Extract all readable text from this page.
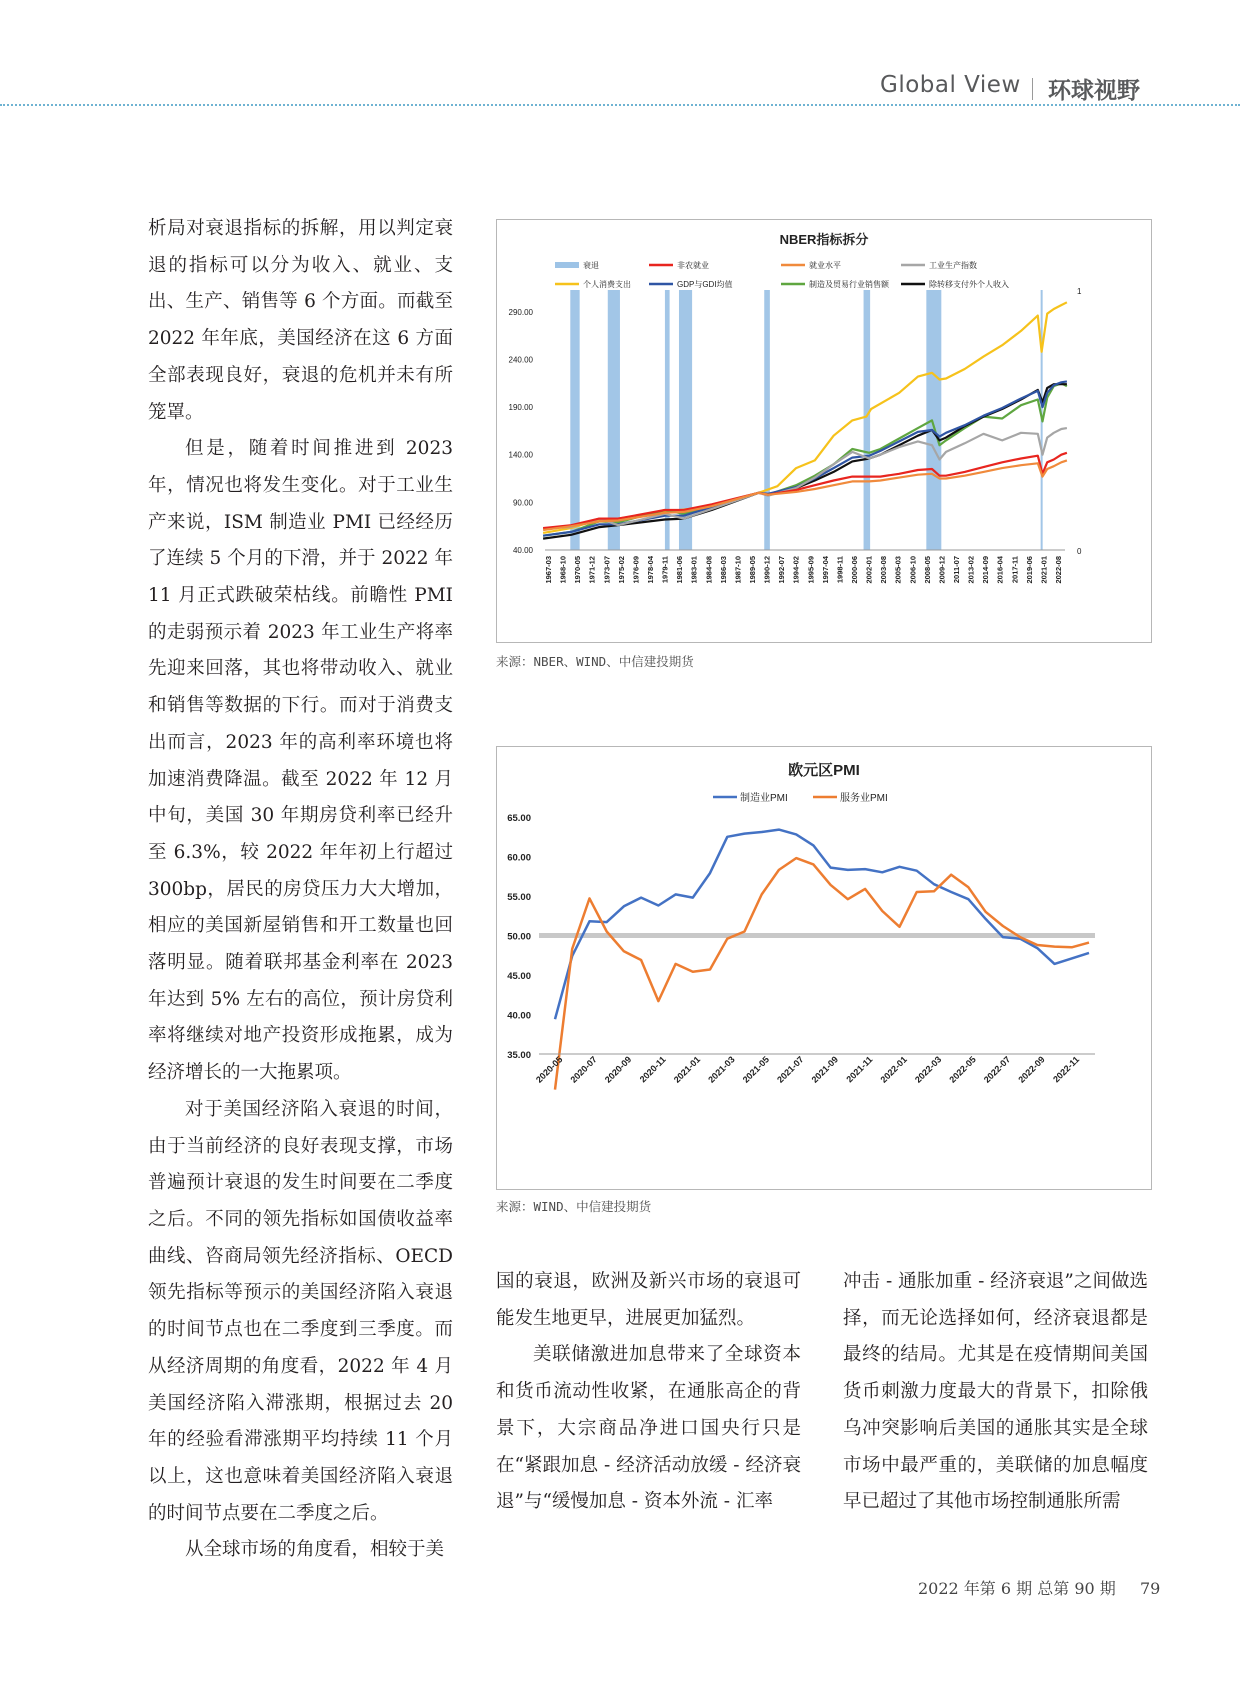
Global View 环球视野

析局对衰退指标的拆解，用以判定衰退的指标可以分为收入、就业、支出、生产、销售等 6 个方面。而截至 2022 年年底，美国经济在这 6 方面全部表现良好，衰退的危机并未有所笼罩。

但是，随着时间推进到 2023 年，情况也将发生变化。对于工业生产来说，ISM 制造业 PMI 已经经历了连续 5 个月的下滑，并于 2022 年 11 月正式跌破荣枯线。前瞻性 PMI 的走弱预示着 2023 年工业生产将率先迎来回落，其也将带动收入、就业和销售等数据的下行。而对于消费支出而言，2023 年的高利率环境也将加速消费降温。截至 2022 年 12 月中旬，美国 30 年期房贷利率已经升至 6.3%，较 2022 年年初上行超过 300bp，居民的房贷压力大大增加，相应的美国新屋销售和开工数量也回落明显。随着联邦基金利率在 2023 年达到 5% 左右的高位，预计房贷利率将继续对地产投资形成拖累，成为经济增长的一大拖累项。

对于美国经济陷入衰退的时间，由于当前经济的良好表现支撑，市场普遍预计衰退的发生时间要在二季度之后。不同的领先指标如国债收益率曲线、咨商局领先经济指标、OECD 领先指标等预示的美国经济陷入衰退的时间节点也在二季度到三季度。而从经济周期的角度看，2022 年 4 月美国经济陷入滞涨期，根据过去 20 年的经验看滞涨期平均持续 11 个月以上，这也意味着美国经济陷入衰退的时间节点要在二季度之后。

从全球市场的角度看，相较于美

国的衰退，欧洲及新兴市场的衰退可能发生地更早，进展更加猛烈。

美联储激进加息带来了全球资本和货币流动性收紧，在通胀高企的背景下，大宗商品净进口国央行只是在“紧跟加息 - 经济活动放缓 - 经济衰退”与“缓慢加息 - 资本外流 - 汇率

冲击 - 通胀加重 - 经济衰退”之间做选择，而无论选择如何，经济衰退都是最终的结局。尤其是在疫情期间美国货币刺激力度最大的背景下，扣除俄乌冲突影响后美国的通胀其实是全球市场中最严重的，美联储的加息幅度早已超过了其他市场控制通胀所需

NBER指标拆分
衰退	非农就业	就业水平	工业生产指数
个人消费支出	GDP与GDI均值	制造及贸易行业销售额	除转移支付外个人收入
40.00
90.00
140.00
190.00
240.00
290.00
1
0
1967-03 1968-10 1970-05 1971-12 1973-07 1975-02 1976-09 1978-04 1979-11 1981-06 1983-01 1984-08 1986-03 1987-10 1989-05 1990-12 1992-07 1994-02 1995-09 1997-04 1998-11 2000-06 2002-01 2003-08 2005-03 2006-10 2008-05 2009-12 2011-07 2013-02 2014-09 2016-04 2017-11 2019-06 2021-01 2022-08
来源：NBER、WIND、中信建投期货
欧元区PMI
制造业PMI	服务业PMI
35.00
40.00
45.00
50.00
55.00
60.00
65.00
2020-05 2020-07 2020-09 2020-11 2021-01 2021-03 2021-05 2021-07 2021-09 2021-11 2022-01 2022-03 2022-05 2022-07 2022-09 2022-11
来源：WIND、中信建投期货
2022 年第 6 期 总第 90 期 79
